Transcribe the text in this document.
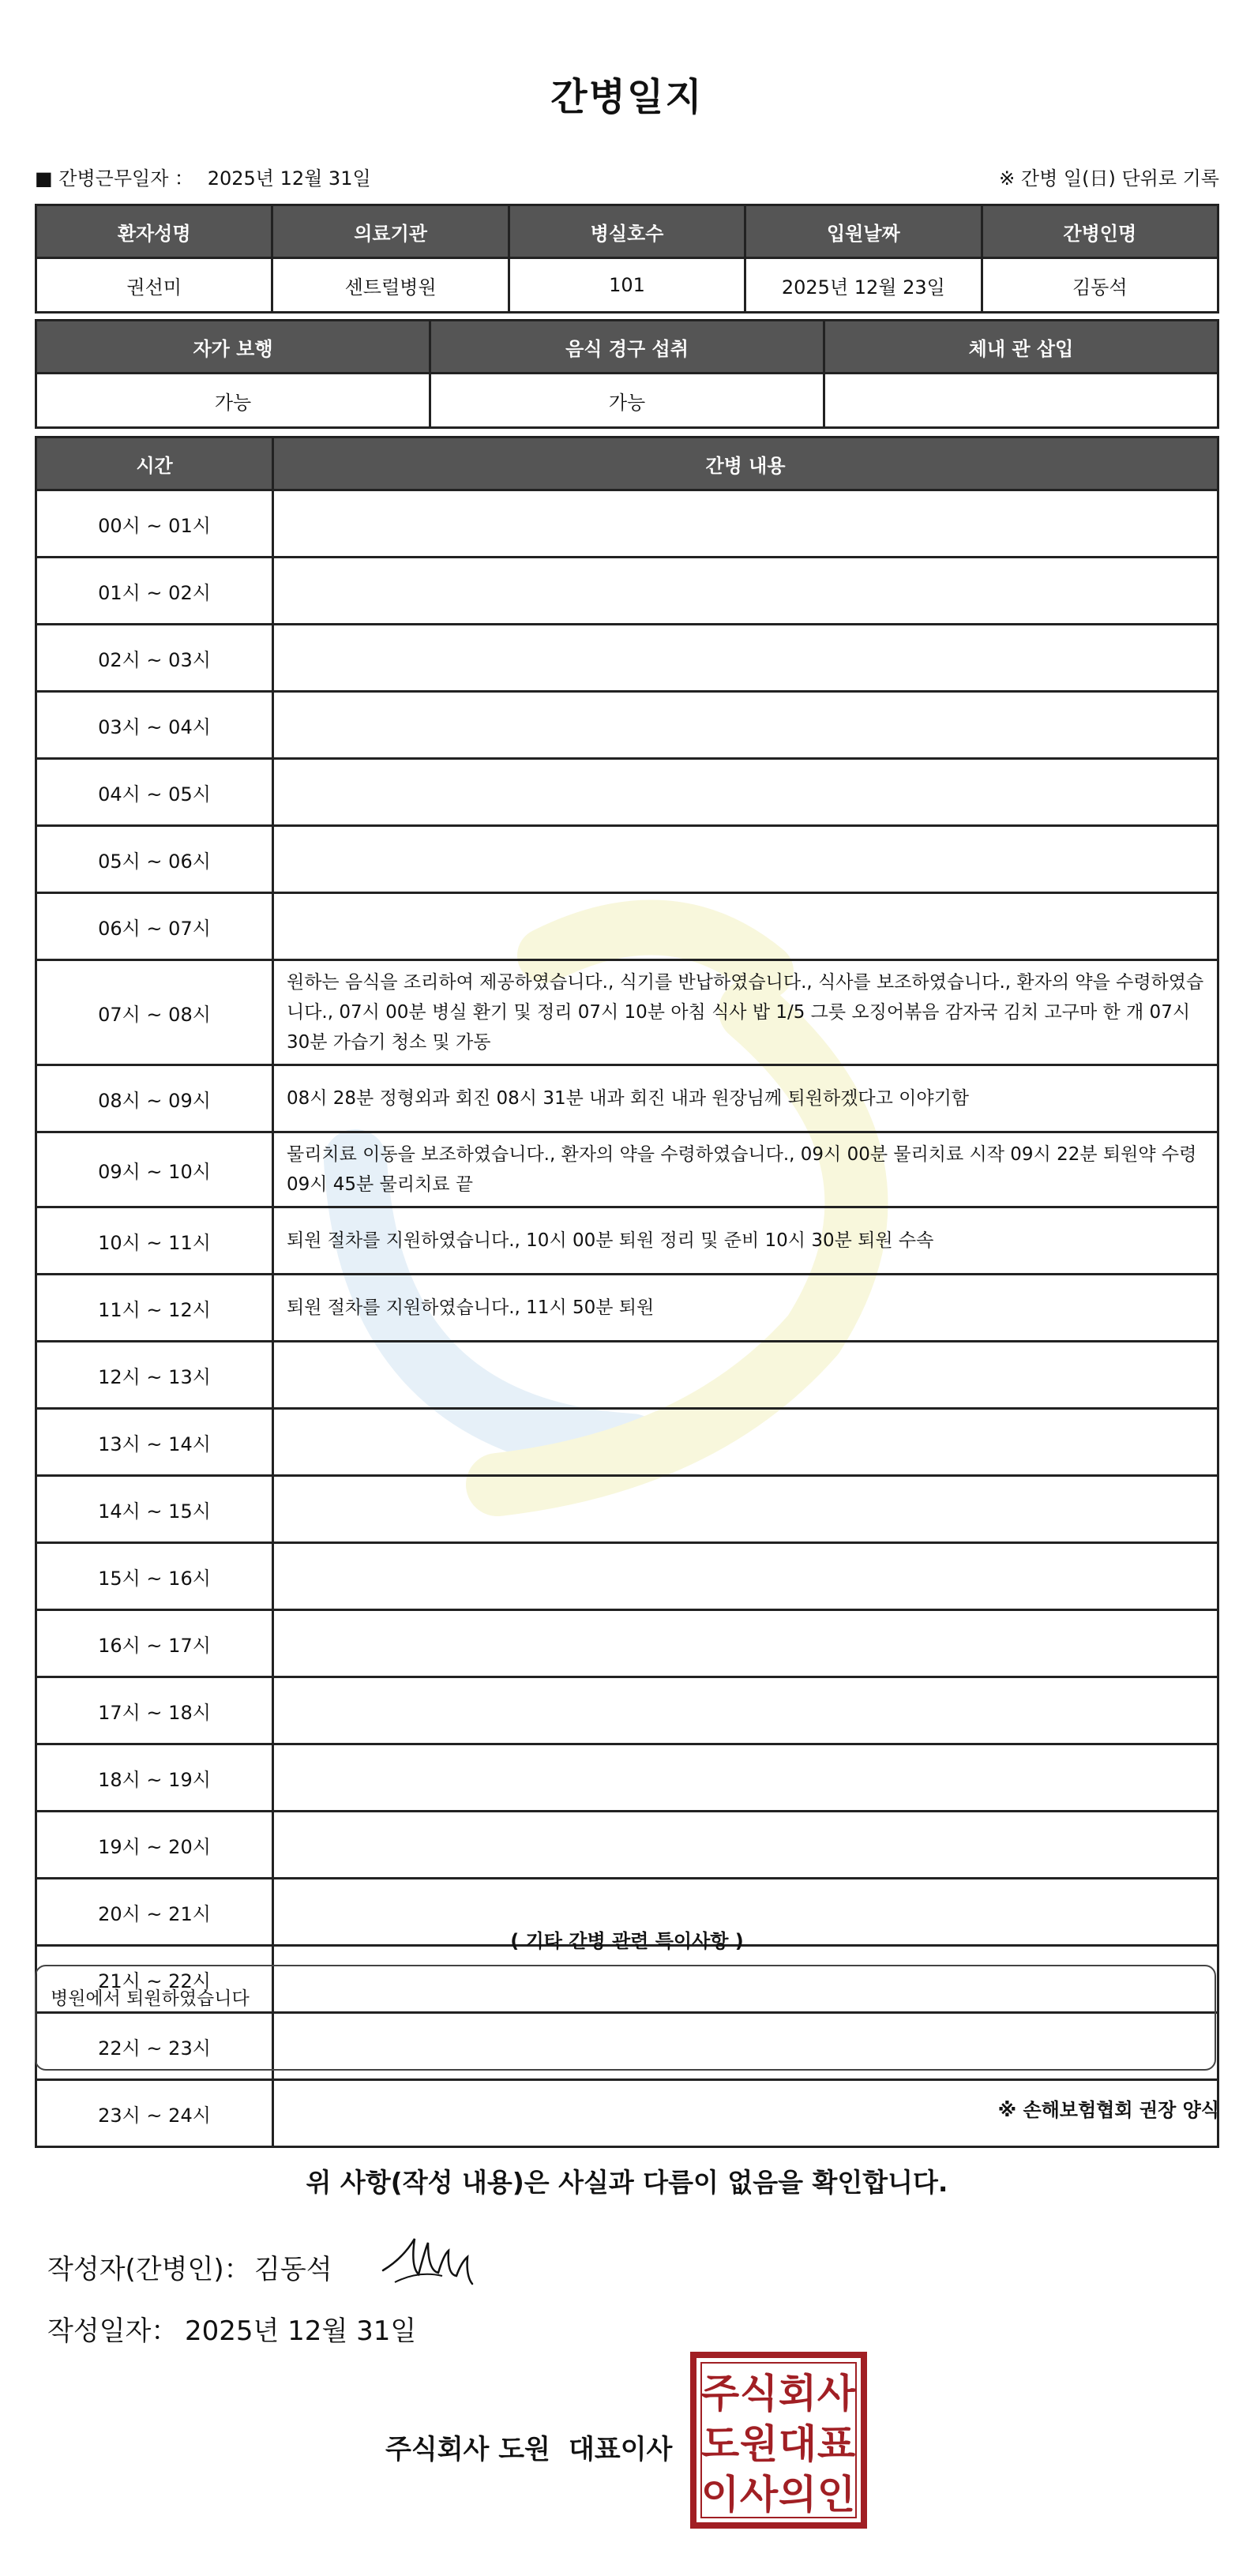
간병일지
■ 간병근무일자 ： 2025년 12월 31일	※ 간병 일(日) 단위로 기록
환자성명	의료기관	병실호수	입원날짜	간병인명
권선미	센트럴병원	101	2025년 12월 23일	김동석
자가 보행	음식 경구 섭취	체내 관 삽입
가능	가능	
시간	간병 내용
00시 ~ 01시	
01시 ~ 02시	
02시 ~ 03시	
03시 ~ 04시	
04시 ~ 05시	
05시 ~ 06시	
06시 ~ 07시	
07시 ~ 08시	원하는 음식을 조리하여 제공하였습니다., 식기를 반납하였습니다., 식사를 보조하였습니다., 환자의 약을 수령하였습니다., 07시 00분 병실 환기 및 정리 07시 10분 아침 식사 밥 1/5 그릇 오징어볶음 감자국 김치 고구마 한 개 07시 30분 가습기 청소 및 가동
08시 ~ 09시	08시 28분 정형외과 회진 08시 31분 내과 회진 내과 원장님께 퇴원하겠다고 이야기함
09시 ~ 10시	물리치료 이동을 보조하였습니다., 환자의 약을 수령하였습니다., 09시 00분 물리치료 시작 09시 22분 퇴원약 수령 09시 45분 물리치료 끝
10시 ~ 11시	퇴원 절차를 지원하였습니다., 10시 00분 퇴원 정리 및 준비 10시 30분 퇴원 수속
11시 ~ 12시	퇴원 절차를 지원하였습니다., 11시 50분 퇴원
12시 ~ 13시	
13시 ~ 14시	
14시 ~ 15시	
15시 ~ 16시	
16시 ~ 17시	
17시 ~ 18시	
18시 ~ 19시	
19시 ~ 20시	
20시 ~ 21시	
21시 ~ 22시	
22시 ~ 23시	
23시 ~ 24시	
( 기타 간병 관련 특이사항 )
병원에서 퇴원하였습니다
※ 손해보험협회 권장 양식
위 사항(작성 내용)은 사실과 다름이 없음을 확인합니다.
작성자(간병인)： 김동석
작성일자： 2025년 12월 31일
주식회사 도원 대표이사
주 식 회 사
도 원 대 표
이 사 의 인
